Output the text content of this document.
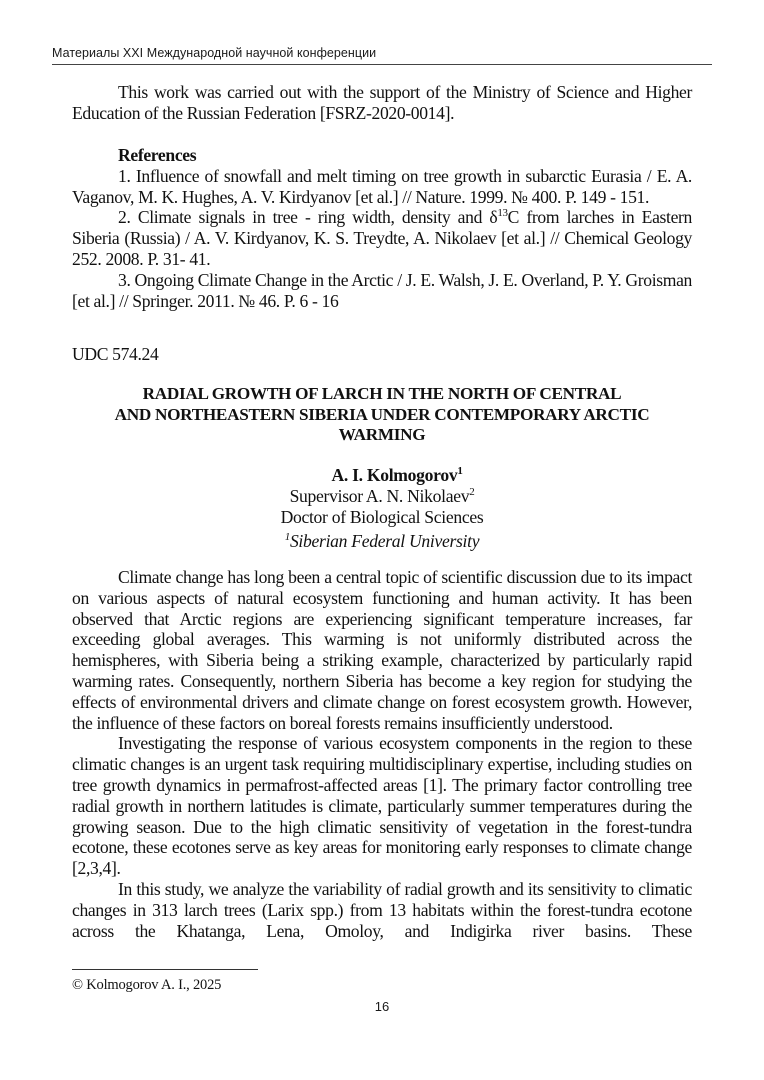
Материалы XXI Международной научной конференции

This work was carried out with the support of the Ministry of Science and Higher Education of the Russian Federation [FSRZ-2020-0014].

References

1. Influence of snowfall and melt timing on tree growth in subarctic Eurasia / E. A. Vaganov, M. K. Hughes, A. V. Kirdyanov [et al.] // Nature. 1999. № 400. P. 149 - 151.

2. Climate signals in tree - ring width, density and $\delta^{13}C$ from larches in Eastern Siberia (Russia) / A. V. Kirdyanov, K. S. Treydte, A. Nikolaev [et al.] // Chemical Geology 252. 2008. P. 31- 41.

3. Ongoing Climate Change in the Arctic / J. E. Walsh, J. E. Overland, P. Y. Groisman [et al.] // Springer. 2011. № 46. P. 6 - 16

UDC 574.24
RADIAL GROWTH OF LARCH IN THE NORTH OF CENTRAL
AND NORTHEASTERN SIBERIA UNDER CONTEMPORARY ARCTIC
WARMING
A. I. Kolmogorov$^1$
Supervisor A. N. Nikolaev$^2$
Doctor of Biological Sciences
$^1$Siberian Federal University

Climate change has long been a central topic of scientific discussion due to its impact on various aspects of natural ecosystem functioning and human activity. It has been observed that Arctic regions are experiencing significant temperature increases, far exceeding global averages. This warming is not uniformly distributed across the hemispheres, with Siberia being a striking example, characterized by particularly rapid warming rates. Consequently, northern Siberia has become a key region for studying the effects of environmental drivers and climate change on forest ecosystem growth. However, the influence of these factors on boreal forests remains insufficiently understood.

Investigating the response of various ecosystem components in the region to these climatic changes is an urgent task requiring multidisciplinary expertise, including studies on tree growth dynamics in permafrost-affected areas [1]. The primary factor controlling tree radial growth in northern latitudes is climate, particularly summer temperatures during the growing season. Due to the high climatic sensitivity of vegetation in the forest-tundra ecotone, these ecotones serve as key areas for monitoring early responses to climate change [2,3,4].

In this study, we analyze the variability of radial growth and its sensitivity to climatic changes in 313 larch trees (Larix spp.) from 13 habitats within the forest-tundra ecotone across the Khatanga, Lena, Omoloy, and Indigirka river basins. These

© Kolmogorov A. I., 2025
16
